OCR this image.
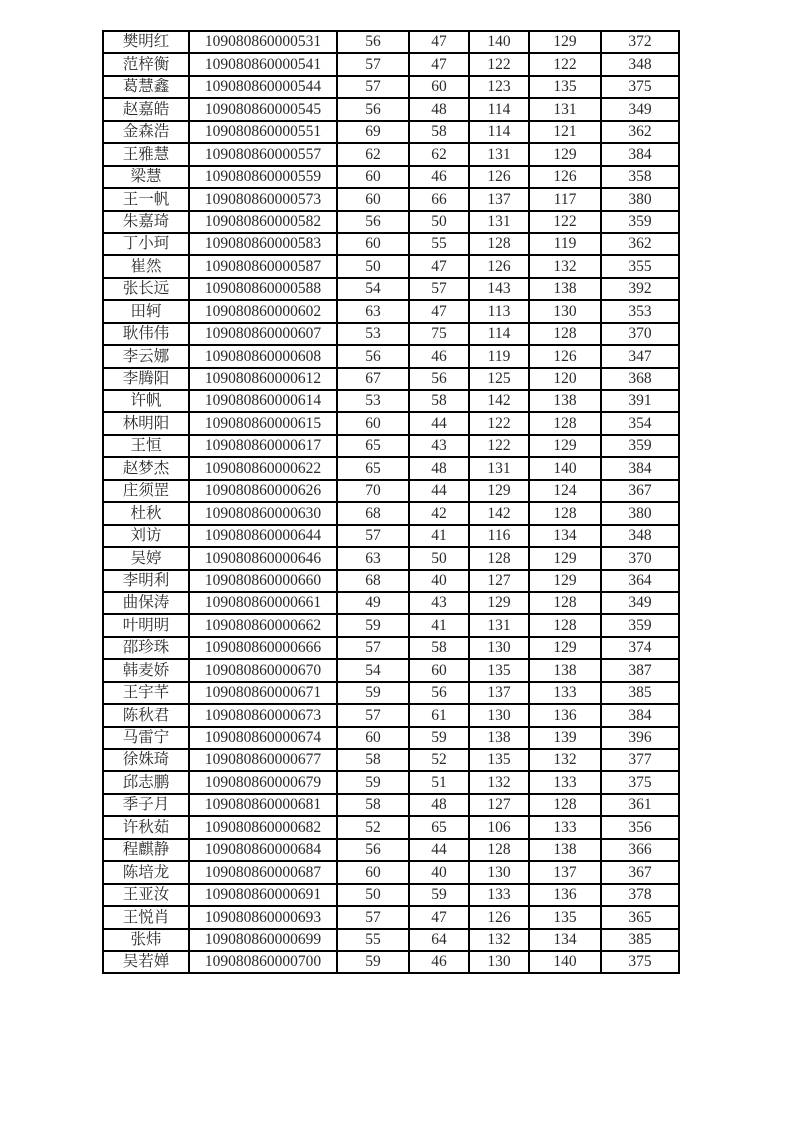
樊明红	109080860000531	56	47	140	129	372
范梓衡	109080860000541	57	47	122	122	348
葛慧鑫	109080860000544	57	60	123	135	375
赵嘉皓	109080860000545	56	48	114	131	349
金森浩	109080860000551	69	58	114	121	362
王雅慧	109080860000557	62	62	131	129	384
梁慧	109080860000559	60	46	126	126	358
王一帆	109080860000573	60	66	137	117	380
朱嘉琦	109080860000582	56	50	131	122	359
丁小珂	109080860000583	60	55	128	119	362
崔然	109080860000587	50	47	126	132	355
张长远	109080860000588	54	57	143	138	392
田轲	109080860000602	63	47	113	130	353
耿伟伟	109080860000607	53	75	114	128	370
李云娜	109080860000608	56	46	119	126	347
李腾阳	109080860000612	67	56	125	120	368
许帆	109080860000614	53	58	142	138	391
林明阳	109080860000615	60	44	122	128	354
王恒	109080860000617	65	43	122	129	359
赵梦杰	109080860000622	65	48	131	140	384
庄须罡	109080860000626	70	44	129	124	367
杜秋	109080860000630	68	42	142	128	380
刘访	109080860000644	57	41	116	134	348
吴婷	109080860000646	63	50	128	129	370
李明利	109080860000660	68	40	127	129	364
曲保涛	109080860000661	49	43	129	128	349
叶明明	109080860000662	59	41	131	128	359
邵珍珠	109080860000666	57	58	130	129	374
韩麦娇	109080860000670	54	60	135	138	387
王宇芊	109080860000671	59	56	137	133	385
陈秋君	109080860000673	57	61	130	136	384
马雷宁	109080860000674	60	59	138	139	396
徐姝琦	109080860000677	58	52	135	132	377
邱志鹏	109080860000679	59	51	132	133	375
季子月	109080860000681	58	48	127	128	361
许秋茹	109080860000682	52	65	106	133	356
程麒静	109080860000684	56	44	128	138	366
陈培龙	109080860000687	60	40	130	137	367
王亚汝	109080860000691	50	59	133	136	378
王悦肖	109080860000693	57	47	126	135	365
张炜	109080860000699	55	64	132	134	385
吴若婵	109080860000700	59	46	130	140	375
